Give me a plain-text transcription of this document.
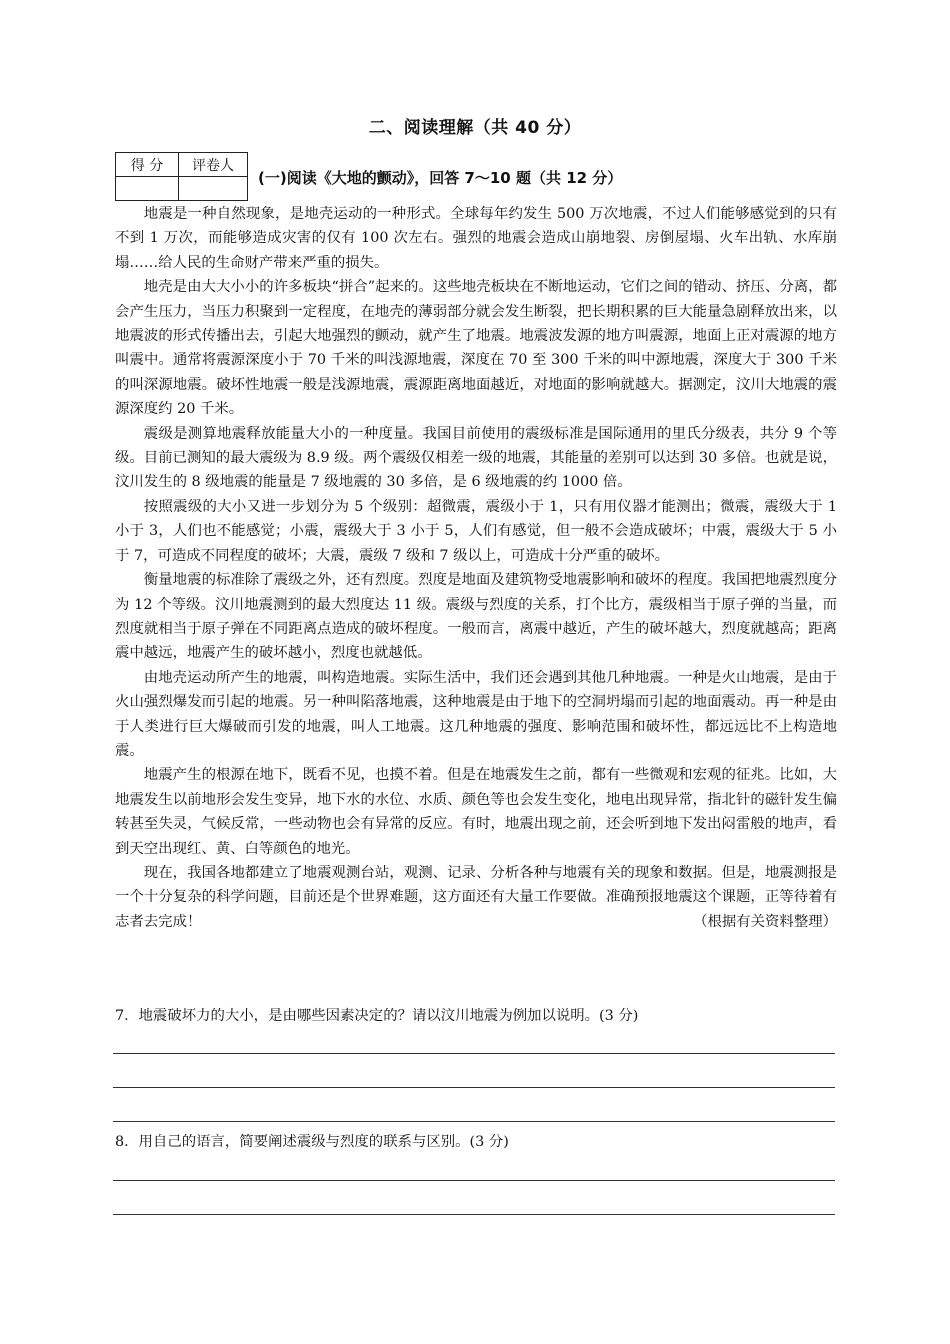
二、阅读理解（共 40 分）
得 分	评卷人

(一)阅读《大地的颤动》，回答 7～10 题（共 12 分）

地震是一种自然现象，是地壳运动的一种形式。全球每年约发生 500 万次地震，不过人们能够感觉到的只有不到 1 万次，而能够造成灾害的仅有 100 次左右。强烈的地震会造成山崩地裂、房倒屋塌、火车出轨、水库崩塌……给人民的生命财产带来严重的损失。

地壳是由大大小小的许多板块“拼合”起来的。这些地壳板块在不断地运动，它们之间的错动、挤压、分离，都会产生压力，当压力积聚到一定程度，在地壳的薄弱部分就会发生断裂，把长期积累的巨大能量急剧释放出来，以地震波的形式传播出去，引起大地强烈的颤动，就产生了地震。地震波发源的地方叫震源，地面上正对震源的地方叫震中。通常将震源深度小于 70 千米的叫浅源地震，深度在 70 至 300 千米的叫中源地震，深度大于 300 千米的叫深源地震。破坏性地震一般是浅源地震，震源距离地面越近，对地面的影响就越大。据测定，汶川大地震的震源深度约 20 千米。

震级是测算地震释放能量大小的一种度量。我国目前使用的震级标准是国际通用的里氏分级表，共分 9 个等级。目前已测知的最大震级为 8.9 级。两个震级仅相差一级的地震，其能量的差别可以达到 30 多倍。也就是说，汶川发生的 8 级地震的能量是 7 级地震的 30 多倍，是 6 级地震的约 1000 倍。

按照震级的大小又进一步划分为 5 个级别：超微震，震级小于 1，只有用仪器才能测出；微震，震级大于 1 小于 3，人们也不能感觉；小震，震级大于 3 小于 5，人们有感觉，但一般不会造成破坏；中震，震级大于 5 小于 7，可造成不同程度的破坏；大震，震级 7 级和 7 级以上，可造成十分严重的破坏。

衡量地震的标准除了震级之外，还有烈度。烈度是地面及建筑物受地震影响和破坏的程度。我国把地震烈度分为 12 个等级。汶川地震测到的最大烈度达 11 级。震级与烈度的关系，打个比方，震级相当于原子弹的当量，而烈度就相当于原子弹在不同距离点造成的破坏程度。一般而言，离震中越近，产生的破坏越大，烈度就越高；距离震中越远，地震产生的破坏越小，烈度也就越低。

由地壳运动所产生的地震，叫构造地震。实际生活中，我们还会遇到其他几种地震。一种是火山地震，是由于火山强烈爆发而引起的地震。另一种叫陷落地震，这种地震是由于地下的空洞坍塌而引起的地面震动。再一种是由于人类进行巨大爆破而引发的地震，叫人工地震。这几种地震的强度、影响范围和破坏性，都远远比不上构造地震。

地震产生的根源在地下，既看不见，也摸不着。但是在地震发生之前，都有一些微观和宏观的征兆。比如，大地震发生以前地形会发生变异，地下水的水位、水质、颜色等也会发生变化，地电出现异常，指北针的磁针发生偏转甚至失灵，气候反常，一些动物也会有异常的反应。有时，地震出现之前，还会听到地下发出闷雷般的地声，看到天空出现红、黄、白等颜色的地光。

现在，我国各地都建立了地震观测台站，观测、记录、分析各种与地震有关的现象和数据。但是，地震测报是一个十分复杂的科学问题，目前还是个世界难题，这方面还有大量工作要做。准确预报地震这个课题，正等待着有志者去完成！	（根据有关资料整理）

7．地震破坏力的大小，是由哪些因素决定的？请以汶川地震为例加以说明。(3 分)
8．用自己的语言，简要阐述震级与烈度的联系与区别。(3 分)
